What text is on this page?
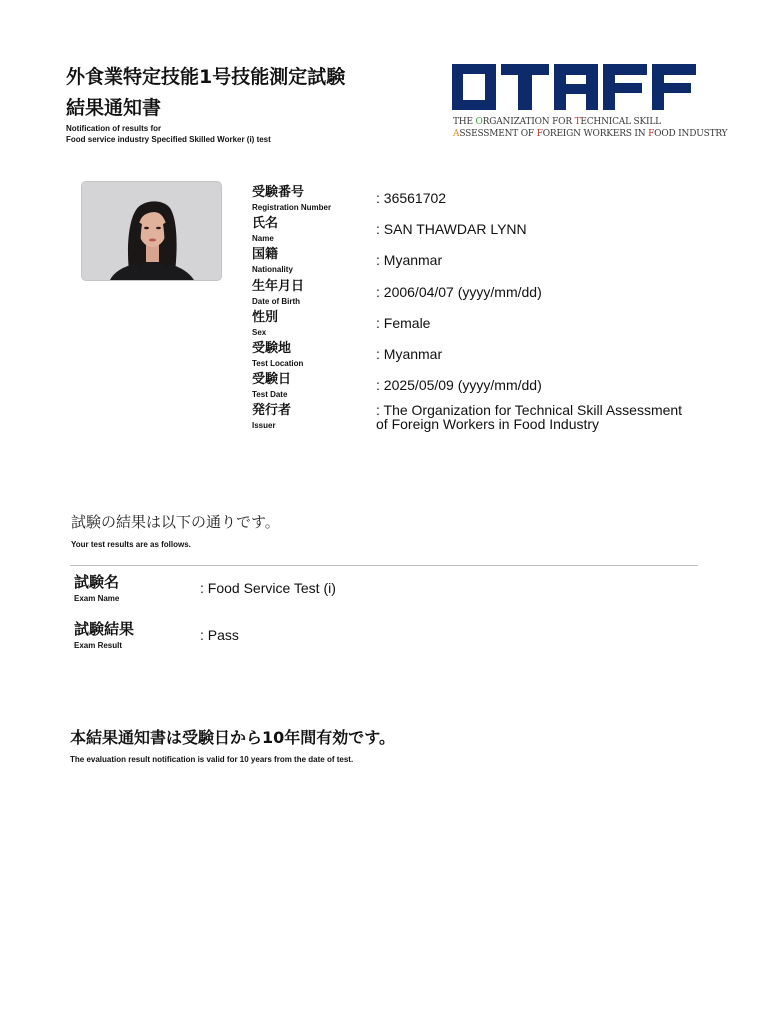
外食業特定技能1号技能測定試験
結果通知書
Notification of results for
Food service industry Specified Skilled Worker (i) test
THE ORGANIZATION FOR TECHNICAL SKILL
ASSESSMENT OF FOREIGN WORKERS IN FOOD INDUSTRY
受験番号
Registration Number
: 36561702
氏名
Name
: SAN THAWDAR LYNN
国籍
Nationality
: Myanmar
生年月日
Date of Birth
: 2006/04/07 (yyyy/mm/dd)
性別
Sex
: Female
受験地
Test Location
: Myanmar
受験日
Test Date
: 2025/05/09 (yyyy/mm/dd)
発行者
Issuer
: The Organization for Technical Skill Assessment
of Foreign Workers in Food Industry
試験の結果は以下の通りです。
Your test results are as follows.
試験名
Exam Name
: Food Service Test (i)
試験結果
Exam Result
: Pass
本結果通知書は受験日から10年間有効です。
The evaluation result notification is valid for 10 years from the date of test.
